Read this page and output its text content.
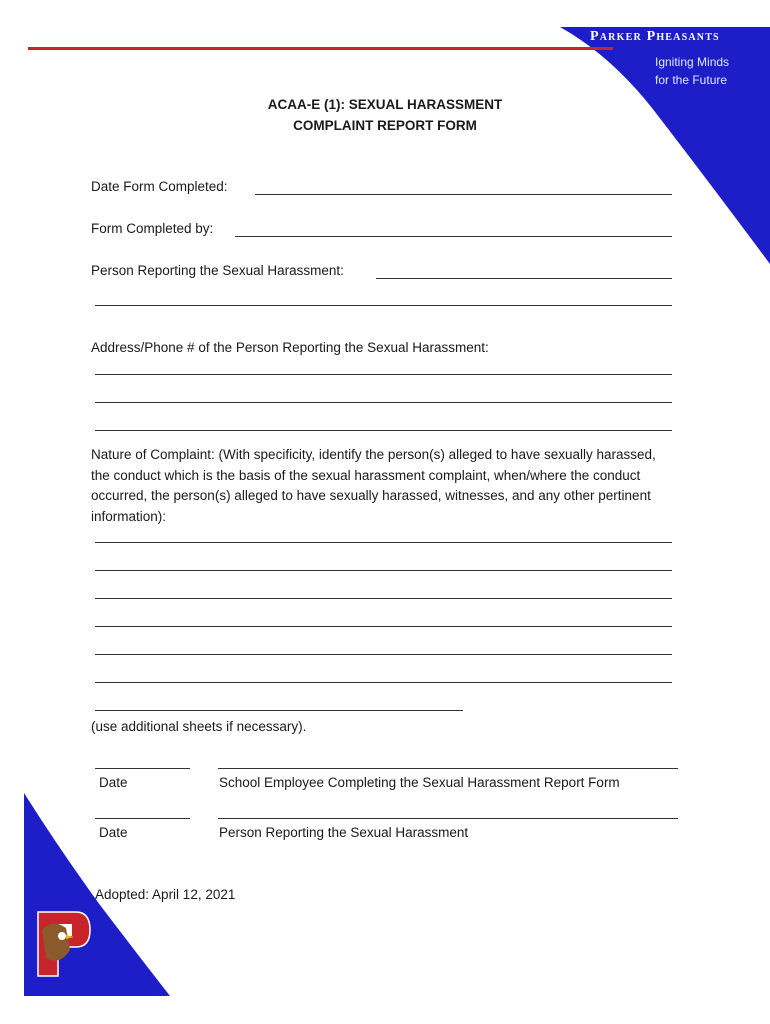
Parker Pheasants
Igniting Minds
for the Future
ACAA-E (1): SEXUAL HARASSMENT
COMPLAINT REPORT FORM
Date Form Completed:
Form Completed by:
Person Reporting the Sexual Harassment:
Address/Phone # of the Person Reporting the Sexual Harassment:
Nature of Complaint: (With specificity, identify the person(s) alleged to have sexually harassed, the conduct which is the basis of the sexual harassment complaint, when/where the conduct occurred, the person(s) alleged to have sexually harassed, witnesses, and any other pertinent information):
(use additional sheets if necessary).
Date	School Employee Completing the Sexual Harassment Report Form
Date	Person Reporting the Sexual Harassment
Adopted: April 12, 2021
